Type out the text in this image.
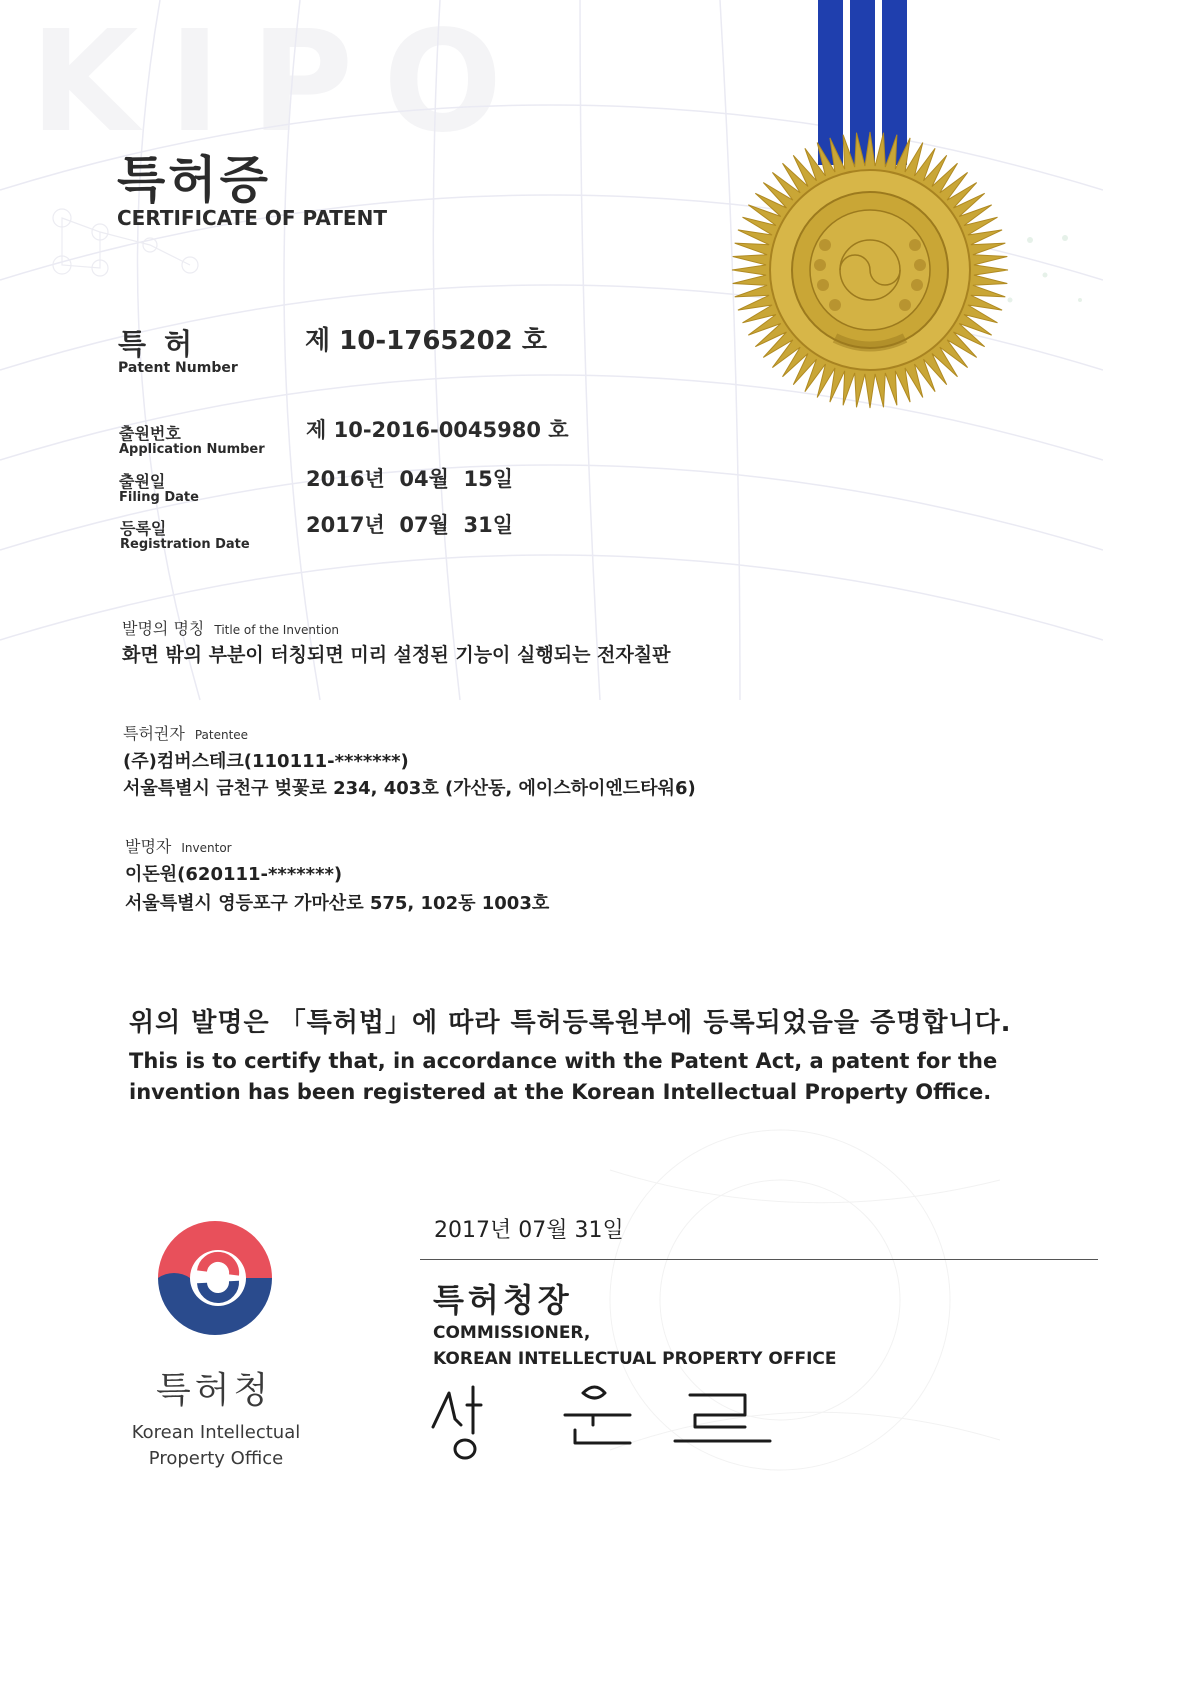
KIPO
특허증
CERTIFICATE OF PATENT
특 허
Patent Number
제 10-1765202 호
출원번호
Application Number
제 10-2016-0045980 호
출원일
Filing Date
2016년  04월  15일
등록일
Registration Date
2017년  07월  31일
발명의 명칭 Title of the Invention
화면 밖의 부분이 터칭되면 미리 설정된 기능이 실행되는 전자칠판
특허권자 Patentee
(주)컴버스테크(110111-*******)
서울특별시 금천구 벚꽃로 234, 403호 (가산동, 에이스하이엔드타워6)
발명자 Inventor
이돈원(620111-*******)
서울특별시 영등포구 가마산로 575, 102동 1003호
위의 발명은 「특허법」에 따라 특허등록원부에 등록되었음을 증명합니다.
This is to certify that, in accordance with the Patent Act, a patent for the invention has been registered at the Korean Intellectual Property Office.
2017년 07월 31일
특허청장
COMMISSIONER,
KOREAN INTELLECTUAL PROPERTY OFFICE
특허청
Korean Intellectual
Property Office
